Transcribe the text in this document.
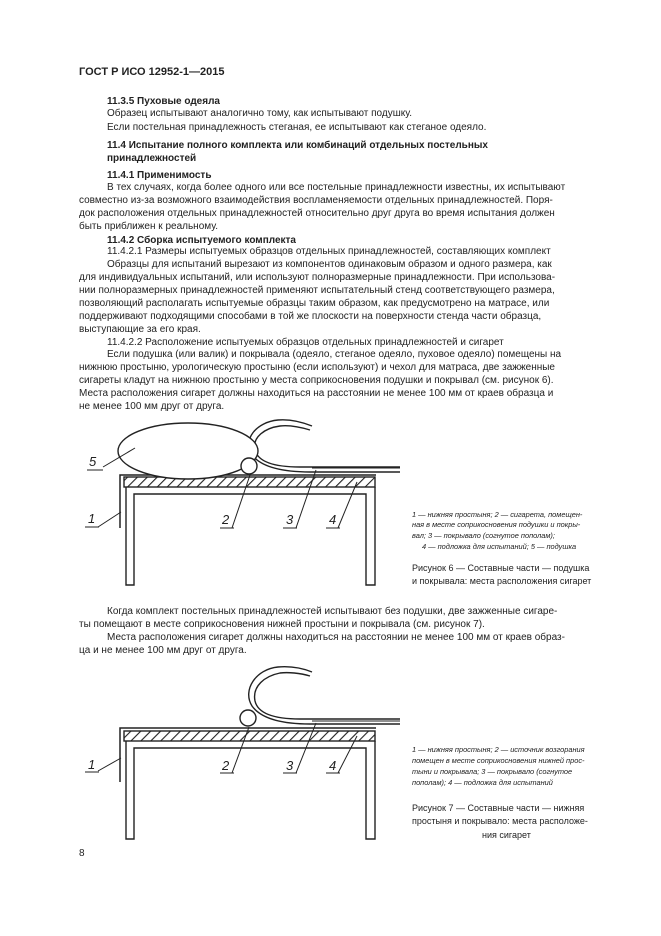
ГОСТ Р ИСО 12952-1—2015
11.3.5 Пуховые одеяла
Образец испытывают аналогично тому, как испытывают подушку.
Если постельная принадлежность стеганая, ее испытывают как стеганое одеяло.
11.4 Испытание полного комплекта или комбинаций отдельных постельных
принадлежностей
11.4.1 Применимость
В тех случаях, когда более одного или все постельные принадлежности известны, их испытывают
совместно из-за возможного взаимодействия воспламеняемости отдельных принадлежностей. Поря-
док расположения отдельных принадлежностей относительно друг друга во время испытания должен
быть приближен к реальному.
11.4.2 Сборка испытуемого комплекта
11.4.2.1 Размеры испытуемых образцов отдельных принадлежностей, составляющих комплект
Образцы для испытаний вырезают из компонентов одинаковым образом и одного размера, как
для индивидуальных испытаний, или используют полноразмерные принадлежности. При использова-
нии полноразмерных принадлежностей применяют испытательный стенд соответствующего размера,
позволяющий располагать испытуемые образцы таким образом, как предусмотрено на матрасе, или
поддерживают подходящими способами в той же плоскости на поверхности стенда части образца,
выступающие за его края.
11.4.2.2 Расположение испытуемых образцов отдельных принадлежностей и сигарет
Если подушка (или валик) и покрывала (одеяло, стеганое одеяло, пуховое одеяло) помещены на
нижнюю простыню, урологическую простыню (если используют) и чехол для матраса, две зажженные
сигареты кладут на нижнюю простыню у места соприкосновения подушки и покрывал (см. рисунок 6).
Места расположения сигарет должны находиться на расстоянии не менее 100 мм от краев образца и
не менее 100 мм друг от друга.
5
1	2	3	4	1 — нижняя простыня; 2 — сигарета, помещен-
ная в месте соприкосновения подушки и покры-
вал; 3 — покрывало (согнутое пополам);
4 — подложка для испытаний; 5 — подушка
Рисунок 6 — Составные части — подушка
и покрывала: места расположения сигарет
Когда комплект постельных принадлежностей испытывают без подушки, две зажженные сигаре-
ты помещают в месте соприкосновения нижней простыни и покрывала (см. рисунок 7).
Места расположения сигарет должны находиться на расстоянии не менее 100 мм от краев образ-
ца и не менее 100 мм друг от друга.
1	2	3	4
1 — нижняя простыня; 2 — источник возгорания
помещен в месте соприкосновения нижней прос-
тыни и покрывала; 3 — покрывало (согнутое
пополам); 4 — подложка для испытаний
Рисунок 7 — Составные части — нижняя
простыня и покрывало: места расположе-
ния сигарет
8
